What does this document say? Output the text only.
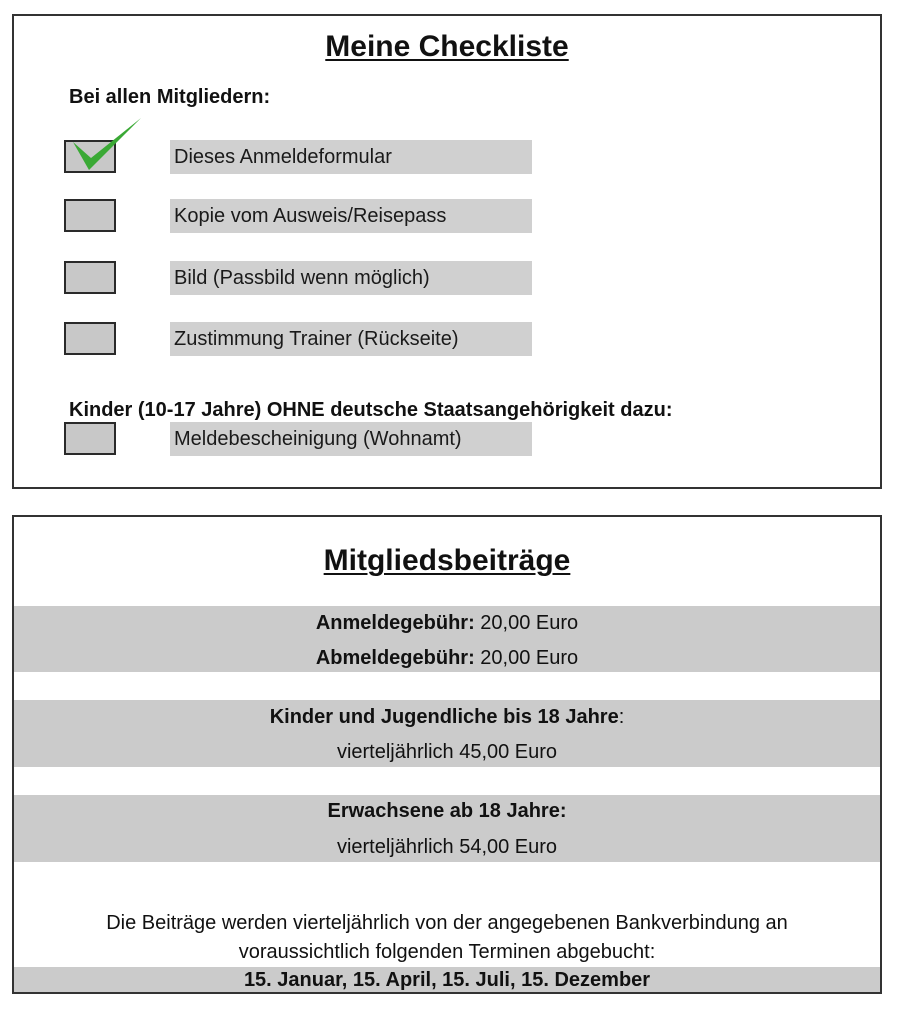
Meine Checkliste
Bei allen Mitgliedern:
Dieses Anmeldeformular
Kopie vom Ausweis/Reisepass
Bild (Passbild wenn möglich)
Zustimmung Trainer (Rückseite)
Kinder (10-17 Jahre) OHNE deutsche Staatsangehörigkeit dazu:
Meldebescheinigung (Wohnamt)
Mitgliedsbeiträge
Anmeldegebühr: 20,00 Euro
Abmeldegebühr: 20,00 Euro
Kinder und Jugendliche bis 18 Jahre:
vierteljährlich 45,00 Euro
Erwachsene ab 18 Jahre:
vierteljährlich 54,00 Euro
Die Beiträge werden vierteljährlich von der angegebenen Bankverbindung an
voraussichtlich folgenden Terminen abgebucht:
15. Januar, 15. April, 15. Juli, 15. Dezember
